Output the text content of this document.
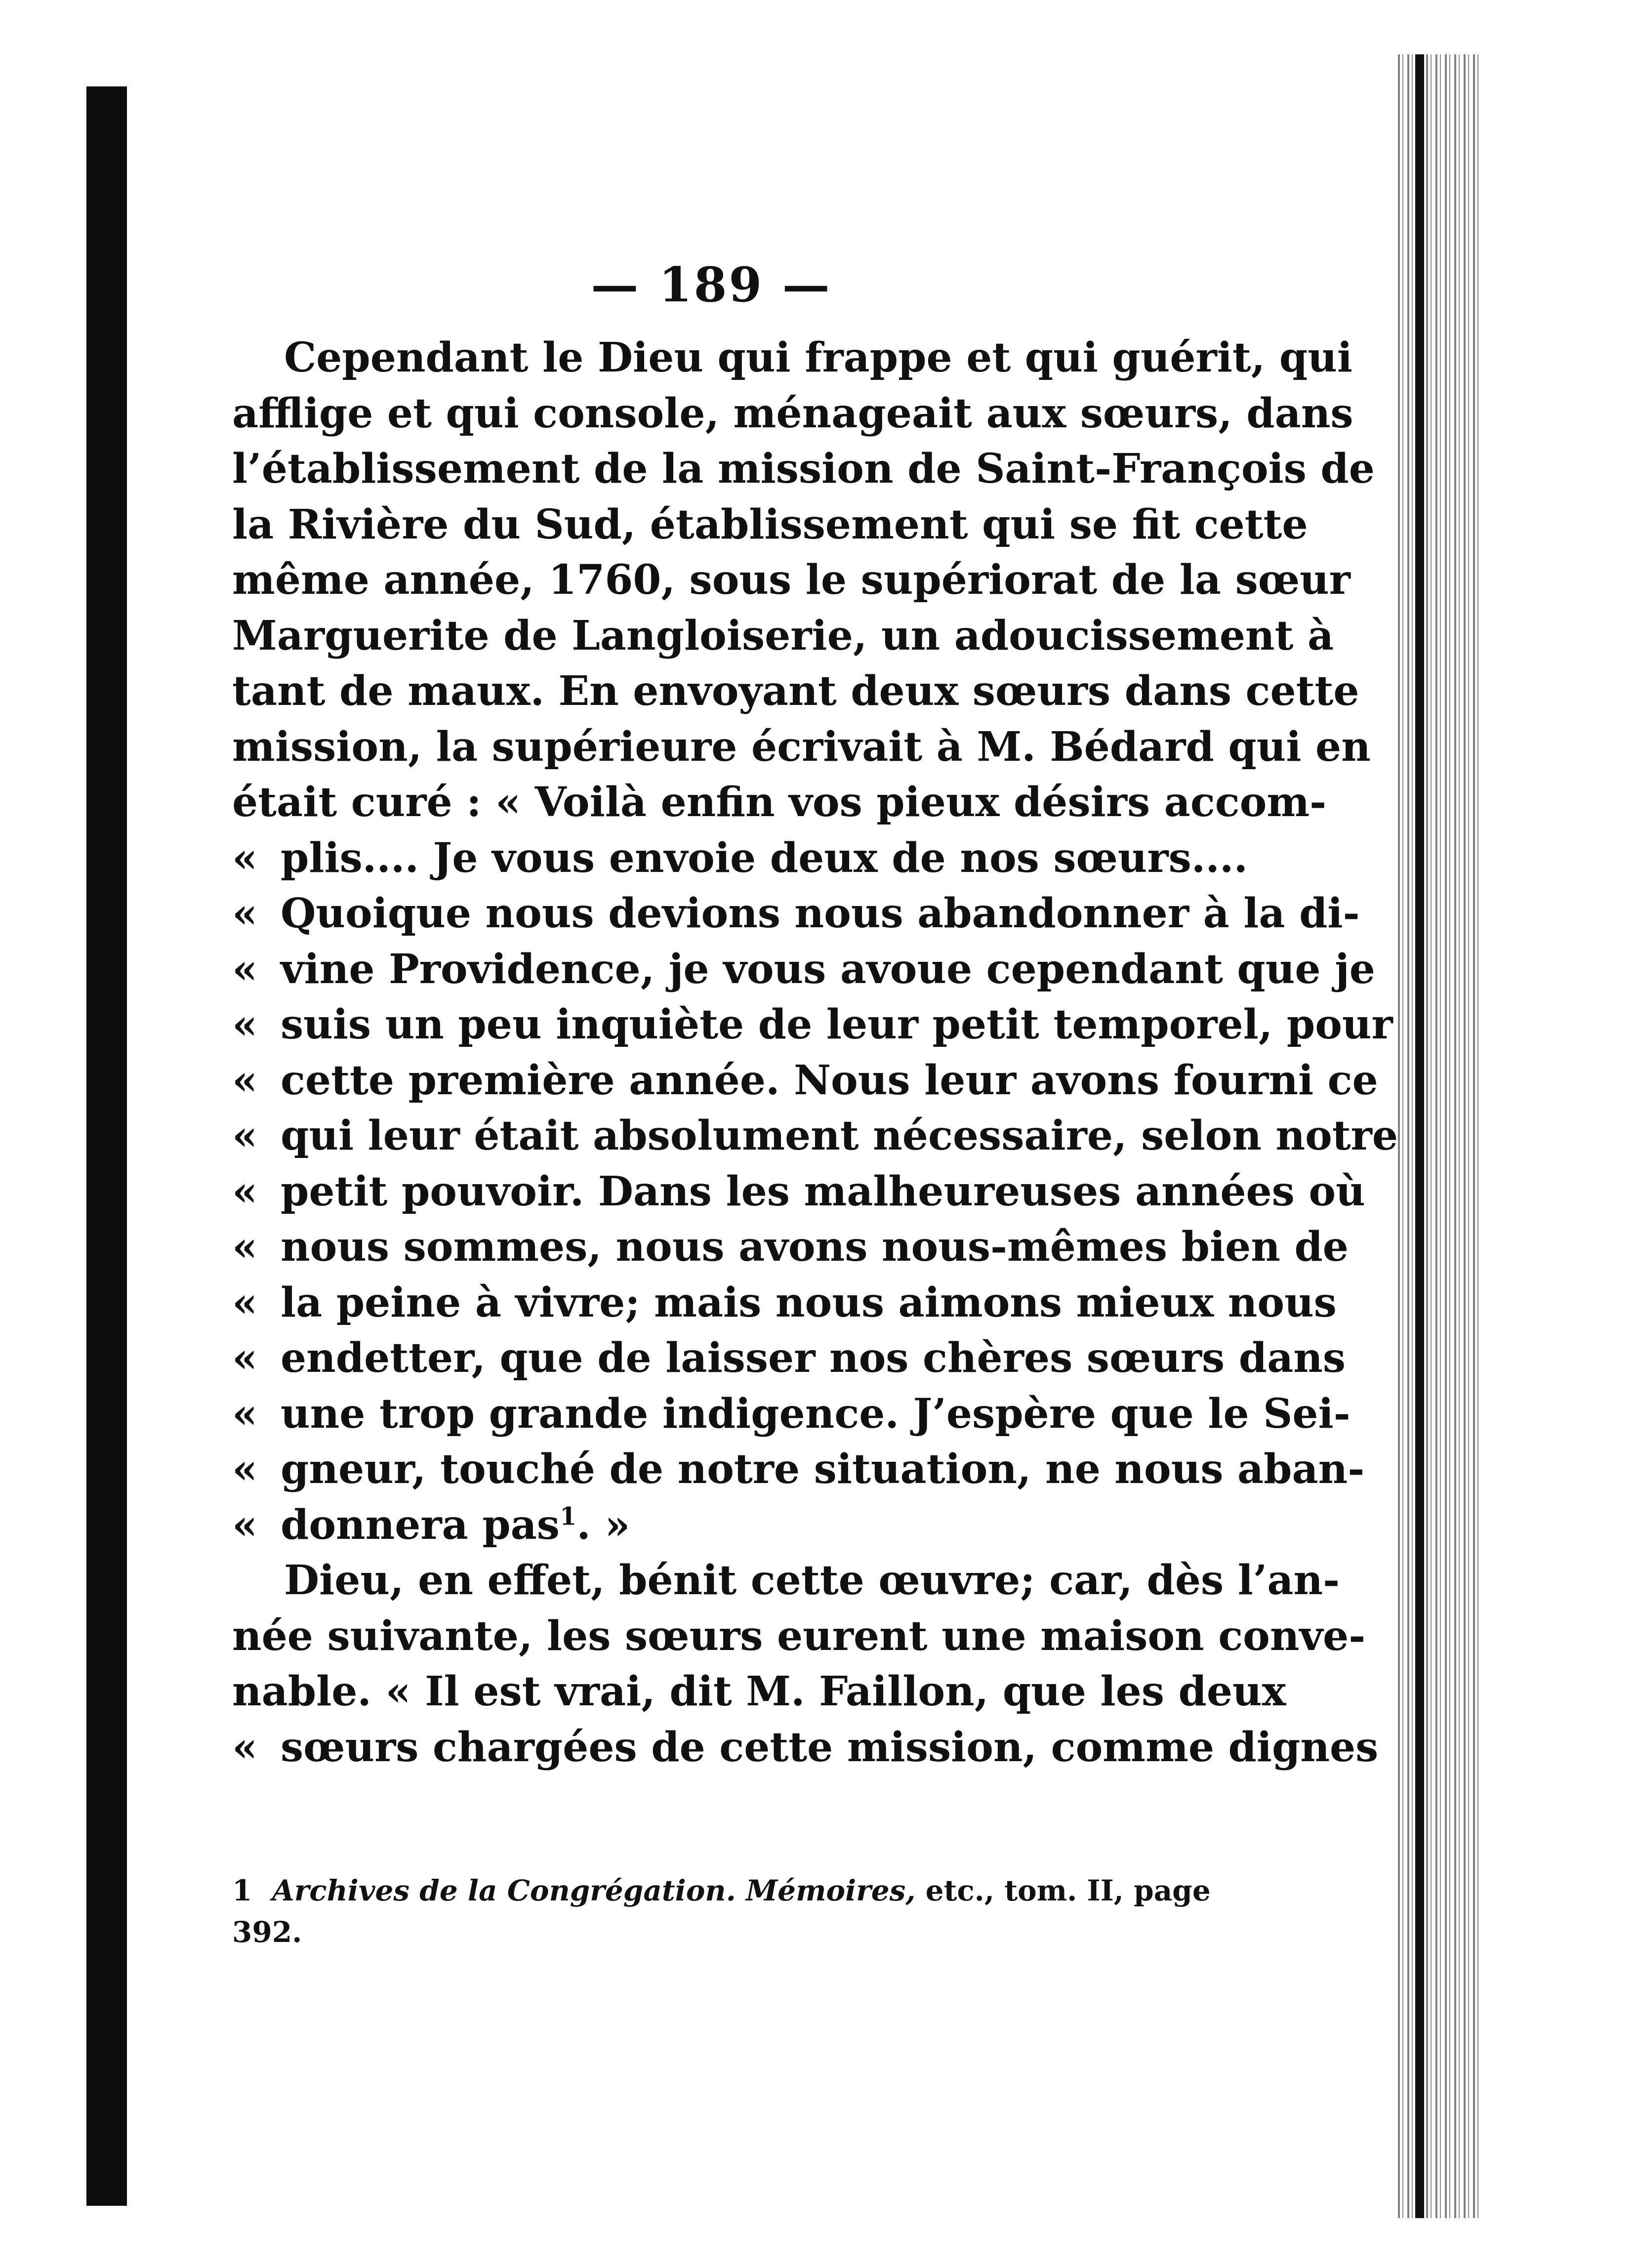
— 189 —
Cependant le Dieu qui frappe et qui guérit, qui
afflige et qui console, ménageait aux sœurs, dans
l’établissement de la mission de Saint-François de
la Rivière du Sud, établissement qui se fit cette
même année, 1760, sous le supériorat de la sœur
Marguerite de Langloiserie, un adoucissement à
tant de maux. En envoyant deux sœurs dans cette
mission, la supérieure écrivait à M. Bédard qui en
était curé : « Voilà enfin vos pieux désirs accom-
« plis.... Je vous envoie deux de nos sœurs....
« Quoique nous devions nous abandonner à la di-
« vine Providence, je vous avoue cependant que je
« suis un peu inquiète de leur petit temporel, pour
« cette première année. Nous leur avons fourni ce
« qui leur était absolument nécessaire, selon notre
« petit pouvoir. Dans les malheureuses années où
« nous sommes, nous avons nous-mêmes bien de
« la peine à vivre; mais nous aimons mieux nous
« endetter, que de laisser nos chères sœurs dans
« une trop grande indigence. J’espère que le Sei-
« gneur, touché de notre situation, ne nous aban-
« donnera pas$^1$. »
Dieu, en effet, bénit cette œuvre; car, dès l’an-
née suivante, les sœurs eurent une maison conve-
nable. « Il est vrai, dit M. Faillon, que les deux
« sœurs chargées de cette mission, comme dignes
1 Archives de la Congrégation. Mémoires, etc., tom. II, page
392.
